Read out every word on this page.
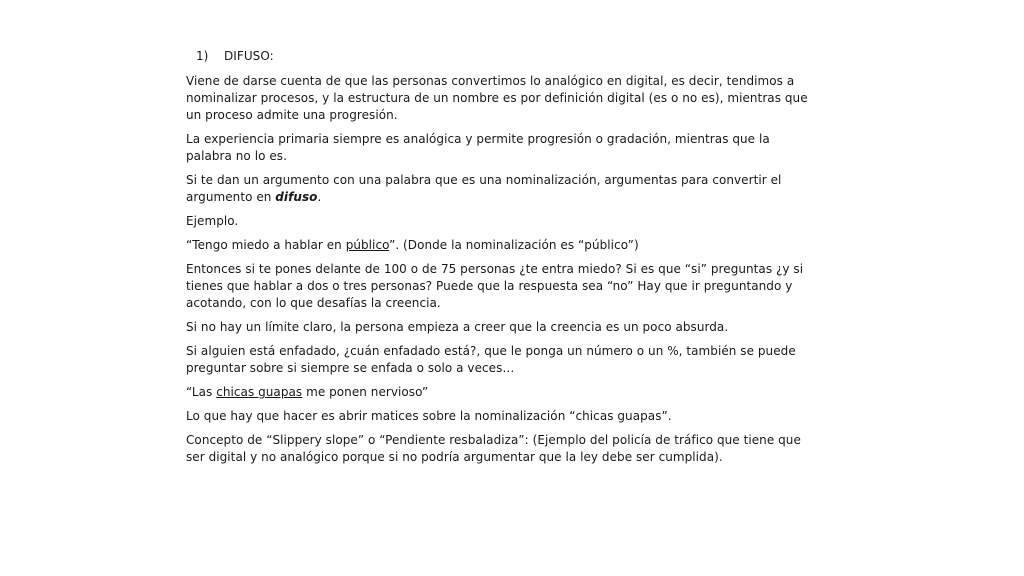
1) DIFUSO:

Viene de darse cuenta de que las personas convertimos lo analógico en digital, es decir, tendimos a nominalizar procesos, y la estructura de un nombre es por definición digital (es o no es), mientras que un proceso admite una progresión.

La experiencia primaria siempre es analógica y permite progresión o gradación, mientras que la palabra no lo es.

Si te dan un argumento con una palabra que es una nominalización, argumentas para convertir el argumento en difuso.

Ejemplo.

“Tengo miedo a hablar en público”. (Donde la nominalización es “público”)

Entonces si te pones delante de 100 o de 75 personas ¿te entra miedo? Si es que “si” preguntas ¿y si tienes que hablar a dos o tres personas? Puede que la respuesta sea “no” Hay que ir preguntando y acotando, con lo que desafías la creencia.

Si no hay un límite claro, la persona empieza a creer que la creencia es un poco absurda.

Si alguien está enfadado, ¿cuán enfadado está?, que le ponga un número o un %, también se puede preguntar sobre si siempre se enfada o solo a veces…

“Las chicas guapas me ponen nervioso”

Lo que hay que hacer es abrir matices sobre la nominalización “chicas guapas”.

Concepto de “Slippery slope” o “Pendiente resbaladiza”: (Ejemplo del policía de tráfico que tiene que ser digital y no analógico porque si no podría argumentar que la ley debe ser cumplida).
